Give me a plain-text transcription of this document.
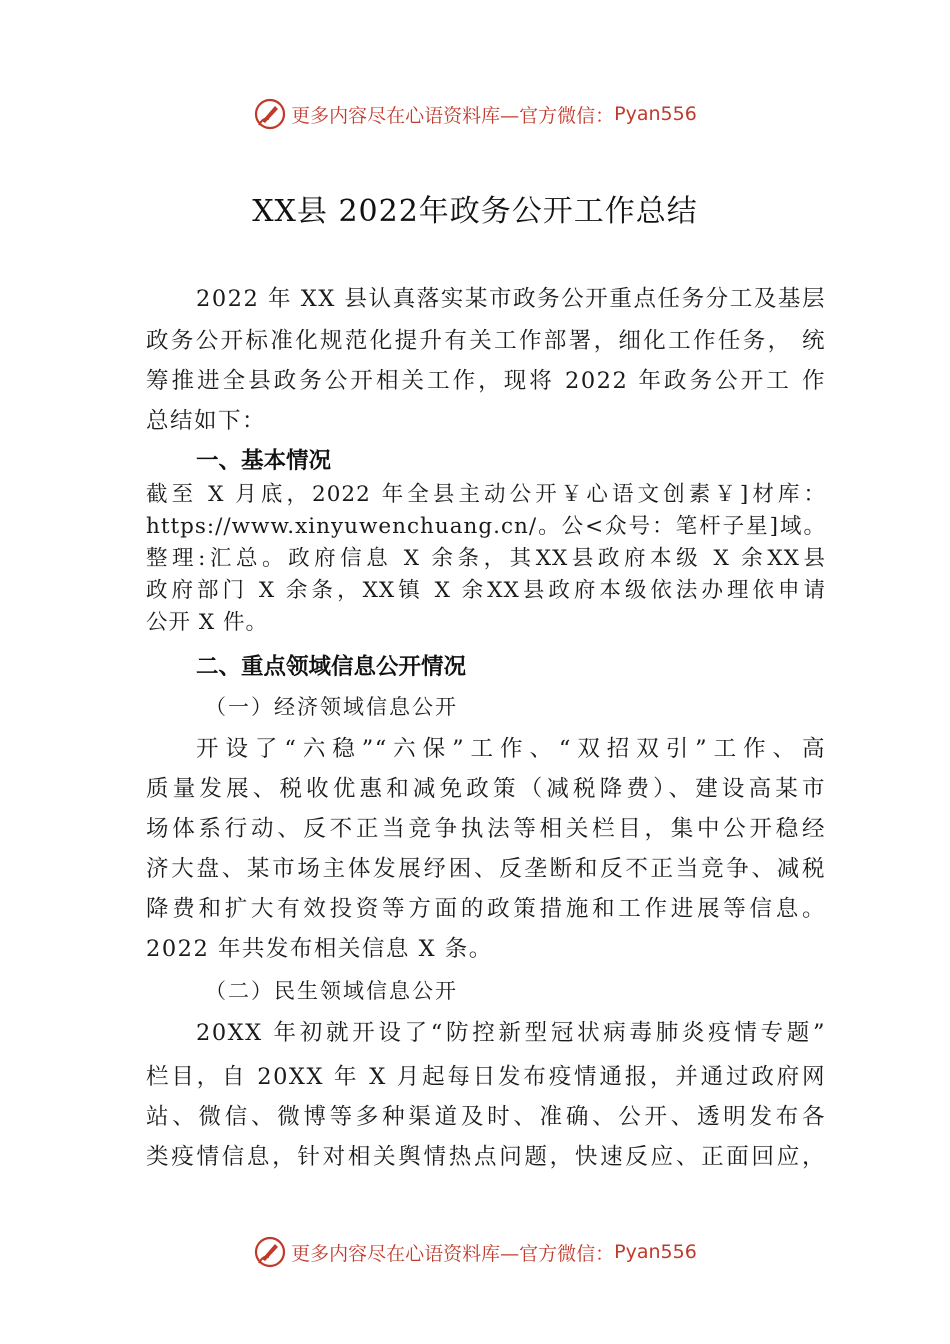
更多内容尽在心语资料库—官方微信： Pyan556
XX县 2022年政务公开工作总结
2022 年 XX 县认真落实某市政务公开重点任务分工及基层
政务公开标准化规范化提升有关工作部署，细化工作任务， 统
筹推进全县政务公开相关工作，现将 2022 年政务公开工 作
总结如下：
一、基本情况
截至 X 月底，2022 年全县主动公开￥心语文创素￥]材库：
https://www.xinyuwenchuang.cn/。公<众号：笔杆子星]域。
整理:汇总。政府信息 X 余条，其XX县政府本级 X 余XX县
政府部门 X 余条，XX镇 X 余XX县政府本级依法办理依申请
公开 X 件。
二、重点领域信息公开情况
（一）经济领域信息公开
开设了“六稳”“六保”工作、“双招双引”工作、高
质量发展、税收优惠和减免政策（减税降费）、建设高某市
场体系行动、反不正当竞争执法等相关栏目，集中公开稳经
济大盘、某市场主体发展纾困、反垄断和反不正当竞争、减税
降费和扩大有效投资等方面的政策措施和工作进展等信息。
2022 年共发布相关信息 X 条。
（二）民生领域信息公开
20XX 年初就开设了“防控新型冠状病毒肺炎疫情专题”
栏目，自 20XX 年 X 月起每日发布疫情通报，并通过政府网
站、微信、微博等多种渠道及时、准确、公开、透明发布各
类疫情信息，针对相关舆情热点问题，快速反应、正面回应，
更多内容尽在心语资料库—官方微信： Pyan556
